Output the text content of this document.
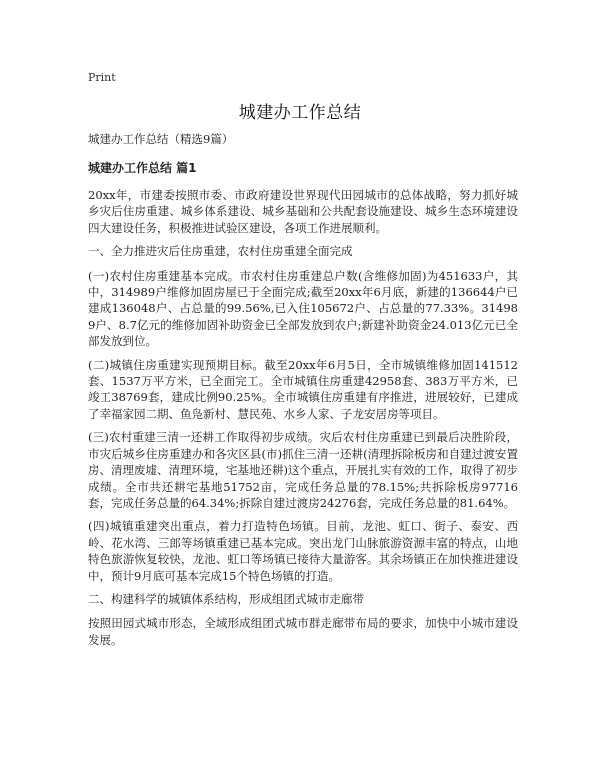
Print
城建办工作总结

城建办工作总结（精选9篇）

城建办工作总结 篇1

20xx年，市建委按照市委、市政府建设世界现代田园城市的总体战略，努力抓好城乡灾后住房重建、城乡体系建设、城乡基础和公共配套设施建设、城乡生态环境建设四大建设任务，积极推进试验区建设，各项工作进展顺利。

一、全力推进灾后住房重建，农村住房重建全面完成

(一)农村住房重建基本完成。市农村住房重建总户数(含维修加固)为451633户，其中，314989户维修加固房屋已于全面完成;截至20xx年6月底，新建的136644户已建成136048户、占总量的99.56%,已入住105672户、占总量的77.33%。314989户、8.7亿元的维修加固补助资金已全部发放到农户;新建补助资金24.013亿元已全部发放到位。

(二)城镇住房重建实现预期目标。截至20xx年6月5日，全市城镇维修加固141512套、1537万平方米，已全面完工。全市城镇住房重建42958套、383万平方米，已竣工38769套，建成比例90.25%。全市城镇住房重建有序推进，进展较好，已建成了幸福家园二期、鱼凫新村、慧民苑、水乡人家、子龙安居房等项目。

(三)农村重建三清一还耕工作取得初步成绩。灾后农村住房重建已到最后决胜阶段，市灾后城乡住房重建办和各灾区县(市)抓住三清一还耕(清理拆除板房和自建过渡安置房、清理废墟、清理环境，宅基地还耕)这个重点，开展扎实有效的工作，取得了初步成绩。全市共还耕宅基地51752亩，完成任务总量的78.15%;共拆除板房97716套，完成任务总量的64.34%;拆除自建过渡房24276套，完成任务总量的81.64%。

(四)城镇重建突出重点，着力打造特色场镇。目前，龙池、虹口、街子、泰安、西岭、花水湾、三郎等场镇重建已基本完成。突出龙门山脉旅游资源丰富的特点，山地特色旅游恢复较快，龙池、虹口等场镇已接待大量游客。其余场镇正在加快推进建设中，预计9月底可基本完成15个特色场镇的打造。

二、构建科学的城镇体系结构，形成组团式城市走廊带

按照田园式城市形态，全域形成组团式城市群走廊带布局的要求，加快中小城市建设发展。
